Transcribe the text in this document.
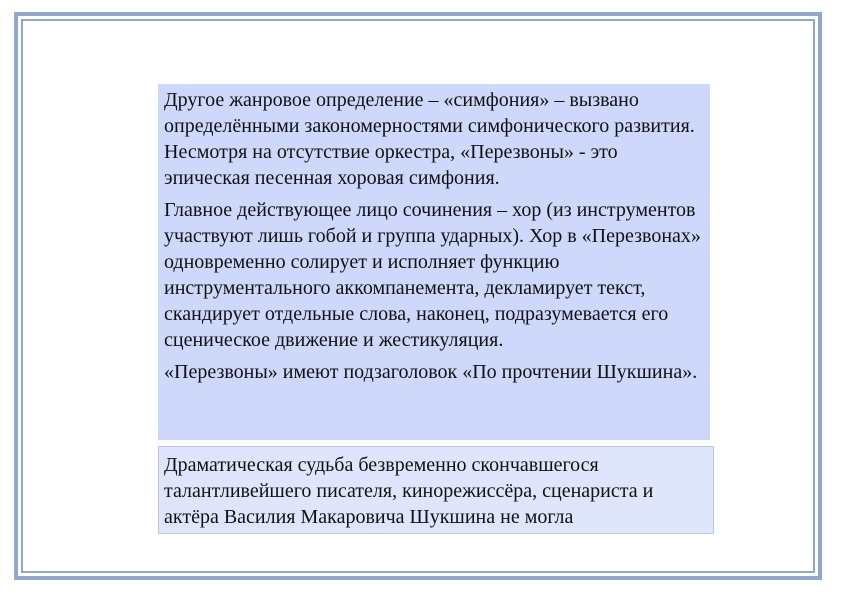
Другое жанровое определение – «симфония» – вызвано определёнными закономерностями симфонического развития. Несмотря на отсутствие оркестра, «Перезвоны» - это эпическая песенная хоровая симфония.

Главное действующее лицо сочинения – хор (из инструментов участвуют лишь гобой и группа ударных). Хор в «Перезвонах» одновременно солирует и исполняет функцию инструментального аккомпанемента, декламирует текст, скандирует отдельные слова, наконец, подразумевается его сценическое движение и жестикуляция.

«Перезвоны» имеют подзаголовок «По прочтении Шукшина».

Драматическая судьба безвременно скончавшегося талантливейшего писателя, кинорежиссёра, сценариста и актёра Василия Макаровича Шукшина не могла
